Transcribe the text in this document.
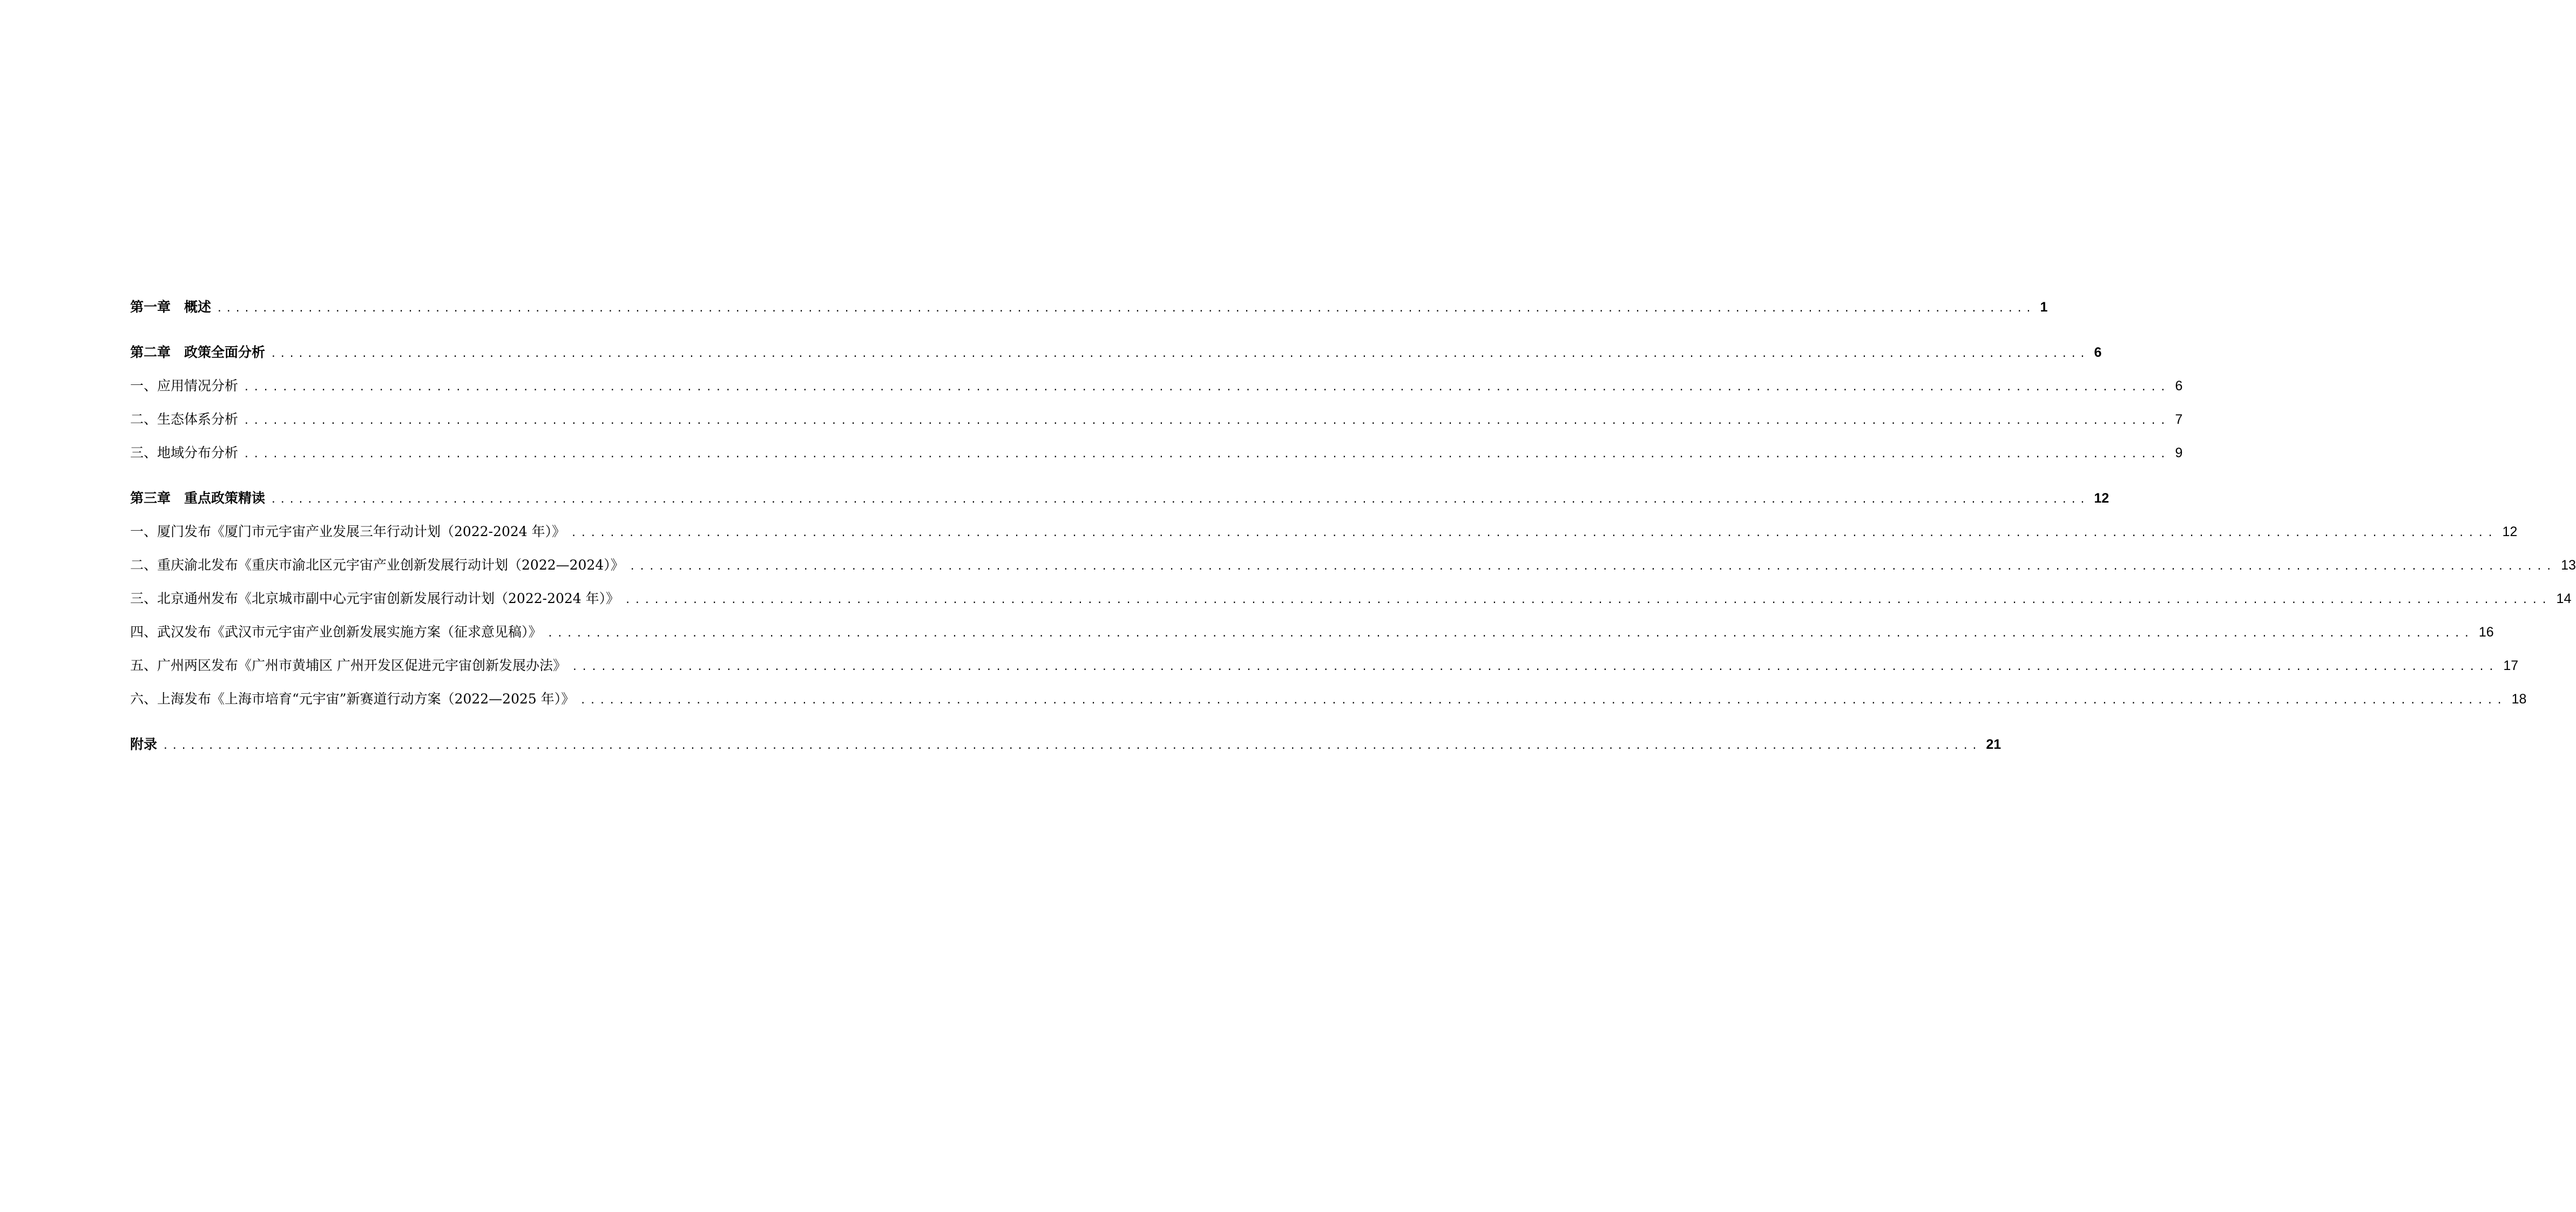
第一章　概述 ........................................................................................................................................................................................................ 1
第二章　政策全面分析 ........................................................................................................................................................................................................ 6
一、应用情况分析 ........................................................................................................................................................................................................ 6
二、生态体系分析 ........................................................................................................................................................................................................ 7
三、地域分布分析 ........................................................................................................................................................................................................ 9
第三章　重点政策精读 ........................................................................................................................................................................................................ 12
一、厦门发布《厦门市元宇宙产业发展三年行动计划（2022-2024 年）》 ........................................................................................................................................................................................................ 12
二、重庆渝北发布《重庆市渝北区元宇宙产业创新发展行动计划（2022—2024）》 ........................................................................................................................................................................................................ 13
三、北京通州发布《北京城市副中心元宇宙创新发展行动计划（2022-2024 年）》 ........................................................................................................................................................................................................ 14
四、武汉发布《武汉市元宇宙产业创新发展实施方案（征求意见稿）》 ........................................................................................................................................................................................................ 16
五、广州两区发布《广州市黄埔区 广州开发区促进元宇宙创新发展办法》 ........................................................................................................................................................................................................ 17
六、上海发布《上海市培育“元宇宙”新赛道行动方案（2022—2025 年）》 ........................................................................................................................................................................................................ 18
附录 ........................................................................................................................................................................................................ 21
